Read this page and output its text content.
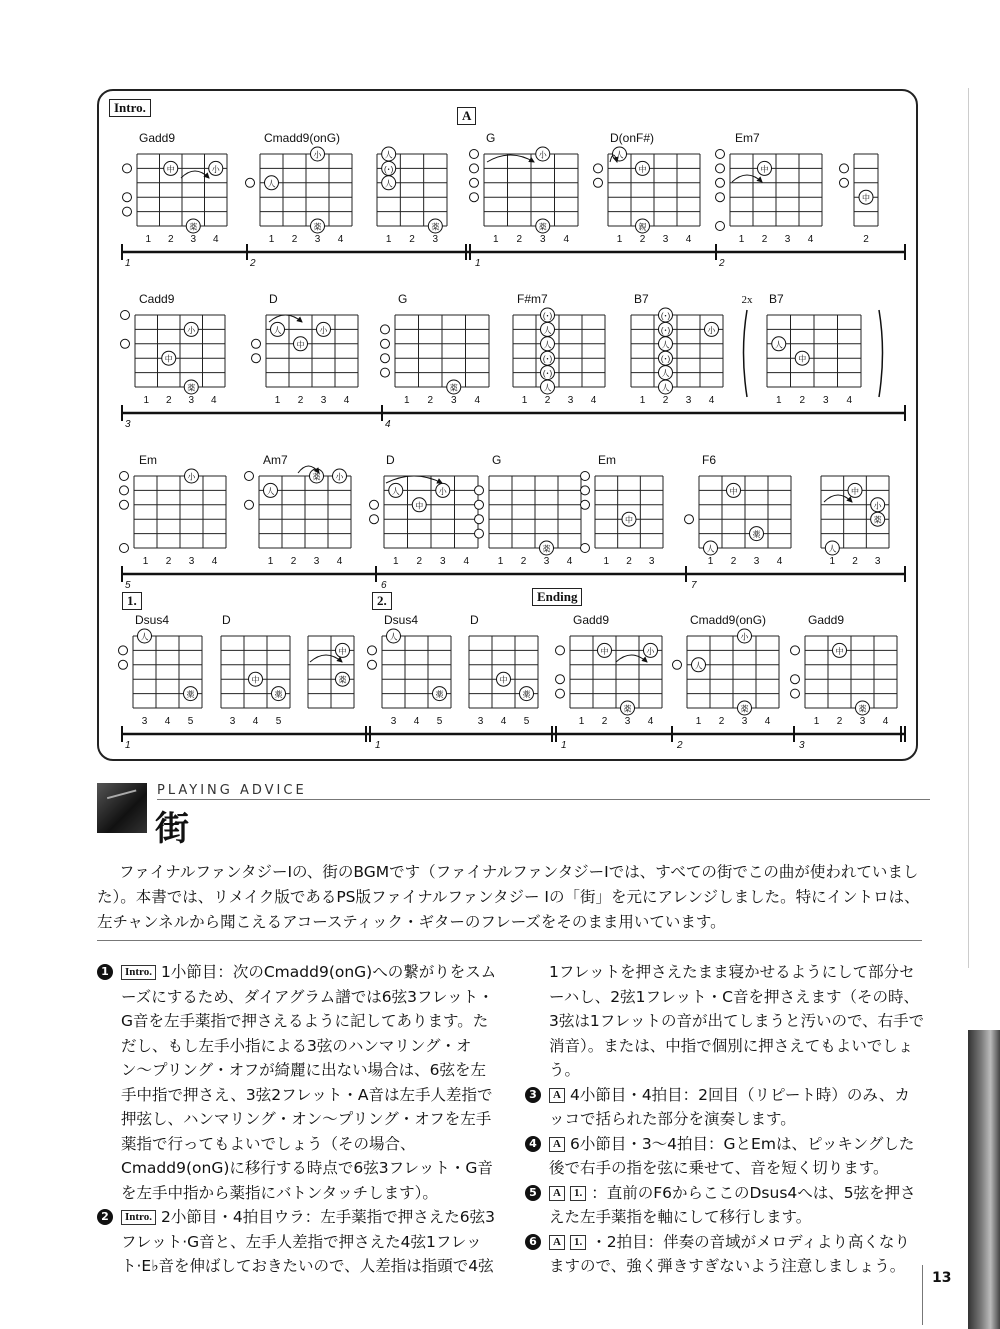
Gadd9	Cmadd9(onG)	G	D(onF#)	Em7
1 2 3 4
中	小
薬
1 2 3 4
小
人
薬
1 2 3
人
(･)
人
薬
1 2 3 4
小
薬
1 2 3 4
人
中
親
1 2 3 4
中
2
中
1	2	1	2
Cadd9	D	G	F#m7	B7	B7
2x
1 2 3 4
小
中
薬
1 2 3 4
人	小
中
1 2 3 4
薬
1 2 3 4
(･)
人
人
(･)
(･)
人
1 2 3 4
(･)
(･)
人
(･)
人
人
小
1 2 3 4
人
中
3	4
Em	Am7	D	G	Em	F6
1 2 3 4
小
1 2 3 4
人
薬 小
1 2 3 4
人	小
中
1 2 3 4
薬
1 2 3
中
1 2 3 4
中
薬
人
1 2 3
中
小
薬
人
5	6	7
Dsus4	D	Dsus4	D	Gadd9	Cmadd9(onG)	Gadd9
3 4 5
人
薬
3 4 5
中
薬
中
薬
3 4 5
人
薬
3 4 5
中
薬
1 2 3 4
中	小
薬
1 2 3 4
小
人
薬
1 2 3 4
中
薬
1	1	1	2	3
Intro.
A
1.	2.	Ending
PLAYING ADVICE
街
ファイナルファンタジーIの、街のBGMです（ファイナルファンタジーIでは、すべての街でこの曲が使われていました）。本書では、リメイク版であるPS版ファイナルファンタジー Iの「街」を元にアレンジしました。特にイントロは、左チャンネルから聞こえるアコースティック・ギターのフレーズをそのまま用いています。
1	Intro. 1小節目：次のCmadd9(onG)への繋がりをスムーズにするため、ダイアグラム譜では6弦3フレット・G音を左手薬指で押さえるように記してあります。ただし、もし左手小指による3弦のハンマリング・オン〜プリング・オフが綺麗に出ない場合は、6弦を左手中指で押さえ、3弦2フレット・A音は左手人差指で押弦し、ハンマリング・オン〜プリング・オフを左手薬指で行ってもよいでしょう（その場合、Cmadd9(onG)に移行する時点で6弦3フレット・G音を左手中指から薬指にバトンタッチします）。
2	Intro. 2小節目・4拍目ウラ：左手薬指で押さえた6弦3フレット·G音と、左手人差指で押さえた4弦1フレット·E♭音を伸ばしておきたいので、人差指は指頭で4弦
1フレットを押さえたまま寝かせるようにして部分セーハし、2弦1フレット・C音を押さえます（その時、3弦は1フレットの音が出てしまうと汚いので、右手で消音）。または、中指で個別に押さえてもよいでしょう。
3	A 4小節目・4拍目：2回目（リピート時）のみ、カッコで括られた部分を演奏します。
4	A 6小節目・3〜4拍目：GとEmは、ピッキングした後で右手の指を弦に乗せて、音を短く切ります。
5	A 1. ：直前のF6からここのDsus4へは、5弦を押さえた左手薬指を軸にして移行します。
6	A 1. ・2拍目：伴奏の音域がメロディより高くなりますので、強く弾きすぎないよう注意しましょう。
13
